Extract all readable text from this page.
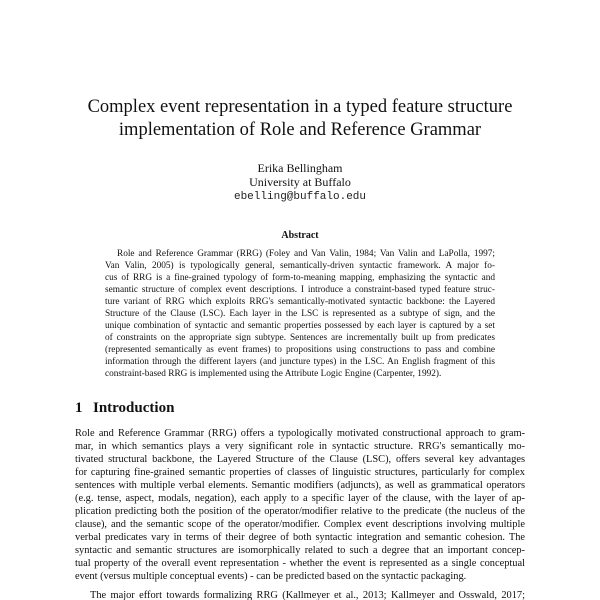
Complex event representation in a typed feature structure
implementation of Role and Reference Grammar
Erika Bellingham
University at Buffalo
ebelling@buffalo.edu
Abstract
Role and Reference Grammar (RRG) (Foley and Van Valin, 1984; Van Valin and LaPolla, 1997;
Van Valin, 2005) is typologically general, semantically-driven syntactic framework. A major fo-
cus of RRG is a fine-grained typology of form-to-meaning mapping, emphasizing the syntactic and
semantic structure of complex event descriptions. I introduce a constraint-based typed feature struc-
ture variant of RRG which exploits RRG's semantically-motivated syntactic backbone: the Layered
Structure of the Clause (LSC). Each layer in the LSC is represented as a subtype of sign, and the
unique combination of syntactic and semantic properties possessed by each layer is captured by a set
of constraints on the appropriate sign subtype. Sentences are incrementally built up from predicates
(represented semantically as event frames) to propositions using constructions to pass and combine
information through the different layers (and juncture types) in the LSC. An English fragment of this
constraint-based RRG is implemented using the Attribute Logic Engine (Carpenter, 1992).
1 Introduction
Role and Reference Grammar (RRG) offers a typologically motivated constructional approach to gram-
mar, in which semantics plays a very significant role in syntactic structure. RRG's semantically mo-
tivated structural backbone, the Layered Structure of the Clause (LSC), offers several key advantages
for capturing fine-grained semantic properties of classes of linguistic structures, particularly for complex
sentences with multiple verbal elements. Semantic modifiers (adjuncts), as well as grammatical operators
(e.g. tense, aspect, modals, negation), each apply to a specific layer of the clause, with the layer of ap-
plication predicting both the position of the operator/modifier relative to the predicate (the nucleus of the
clause), and the semantic scope of the operator/modifier. Complex event descriptions involving multiple
verbal predicates vary in terms of their degree of both syntactic integration and semantic cohesion. The
syntactic and semantic structures are isomorphically related to such a degree that an important concep-
tual property of the overall event representation - whether the event is represented as a single conceptual
event (versus multiple conceptual events) - can be predicted based on the syntactic packaging.
The major effort towards formalizing RRG (Kallmeyer et al., 2013; Kallmeyer and Osswald, 2017;
